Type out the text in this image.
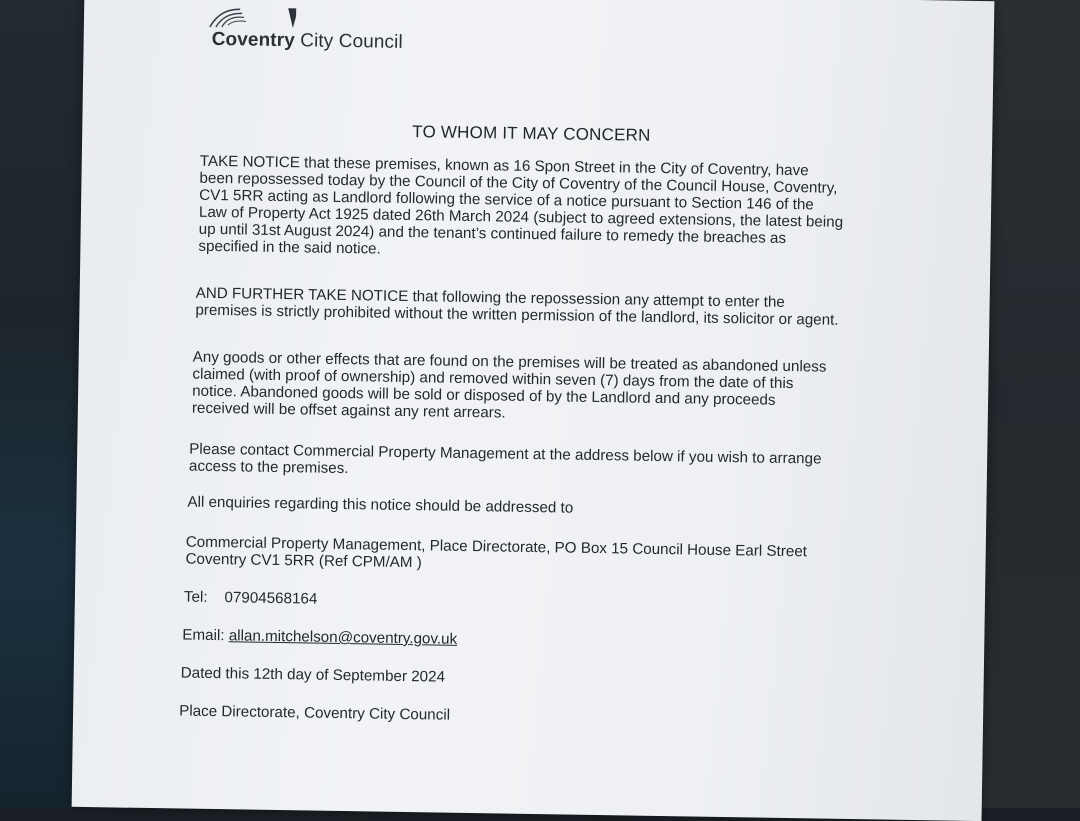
Coventry City Council
TO WHOM IT MAY CONCERN

TAKE NOTICE that these premises, known as 16 Spon Street in the City of Coventry, have
been repossessed today by the Council of the City of Coventry of the Council House, Coventry,
CV1 5RR acting as Landlord following the service of a notice pursuant to Section 146 of the
Law of Property Act 1925 dated 26th March 2024 (subject to agreed extensions, the latest being
up until 31st August 2024) and the tenant’s continued failure to remedy the breaches as
specified in the said notice.

AND FURTHER TAKE NOTICE that following the repossession any attempt to enter the
premises is strictly prohibited without the written permission of the landlord, its solicitor or agent.

Any goods or other effects that are found on the premises will be treated as abandoned unless
claimed (with proof of ownership) and removed within seven (7) days from the date of this
notice. Abandoned goods will be sold or disposed of by the Landlord and any proceeds
received will be offset against any rent arrears.

Please contact Commercial Property Management at the address below if you wish to arrange
access to the premises.

All enquiries regarding this notice should be addressed to

Commercial Property Management, Place Directorate, PO Box 15 Council House Earl Street
Coventry CV1 5RR (Ref CPM/AM )

Tel: 07904568164

Email: allan.mitchelson@coventry.gov.uk

Dated this 12th day of September 2024

Place Directorate, Coventry City Council
